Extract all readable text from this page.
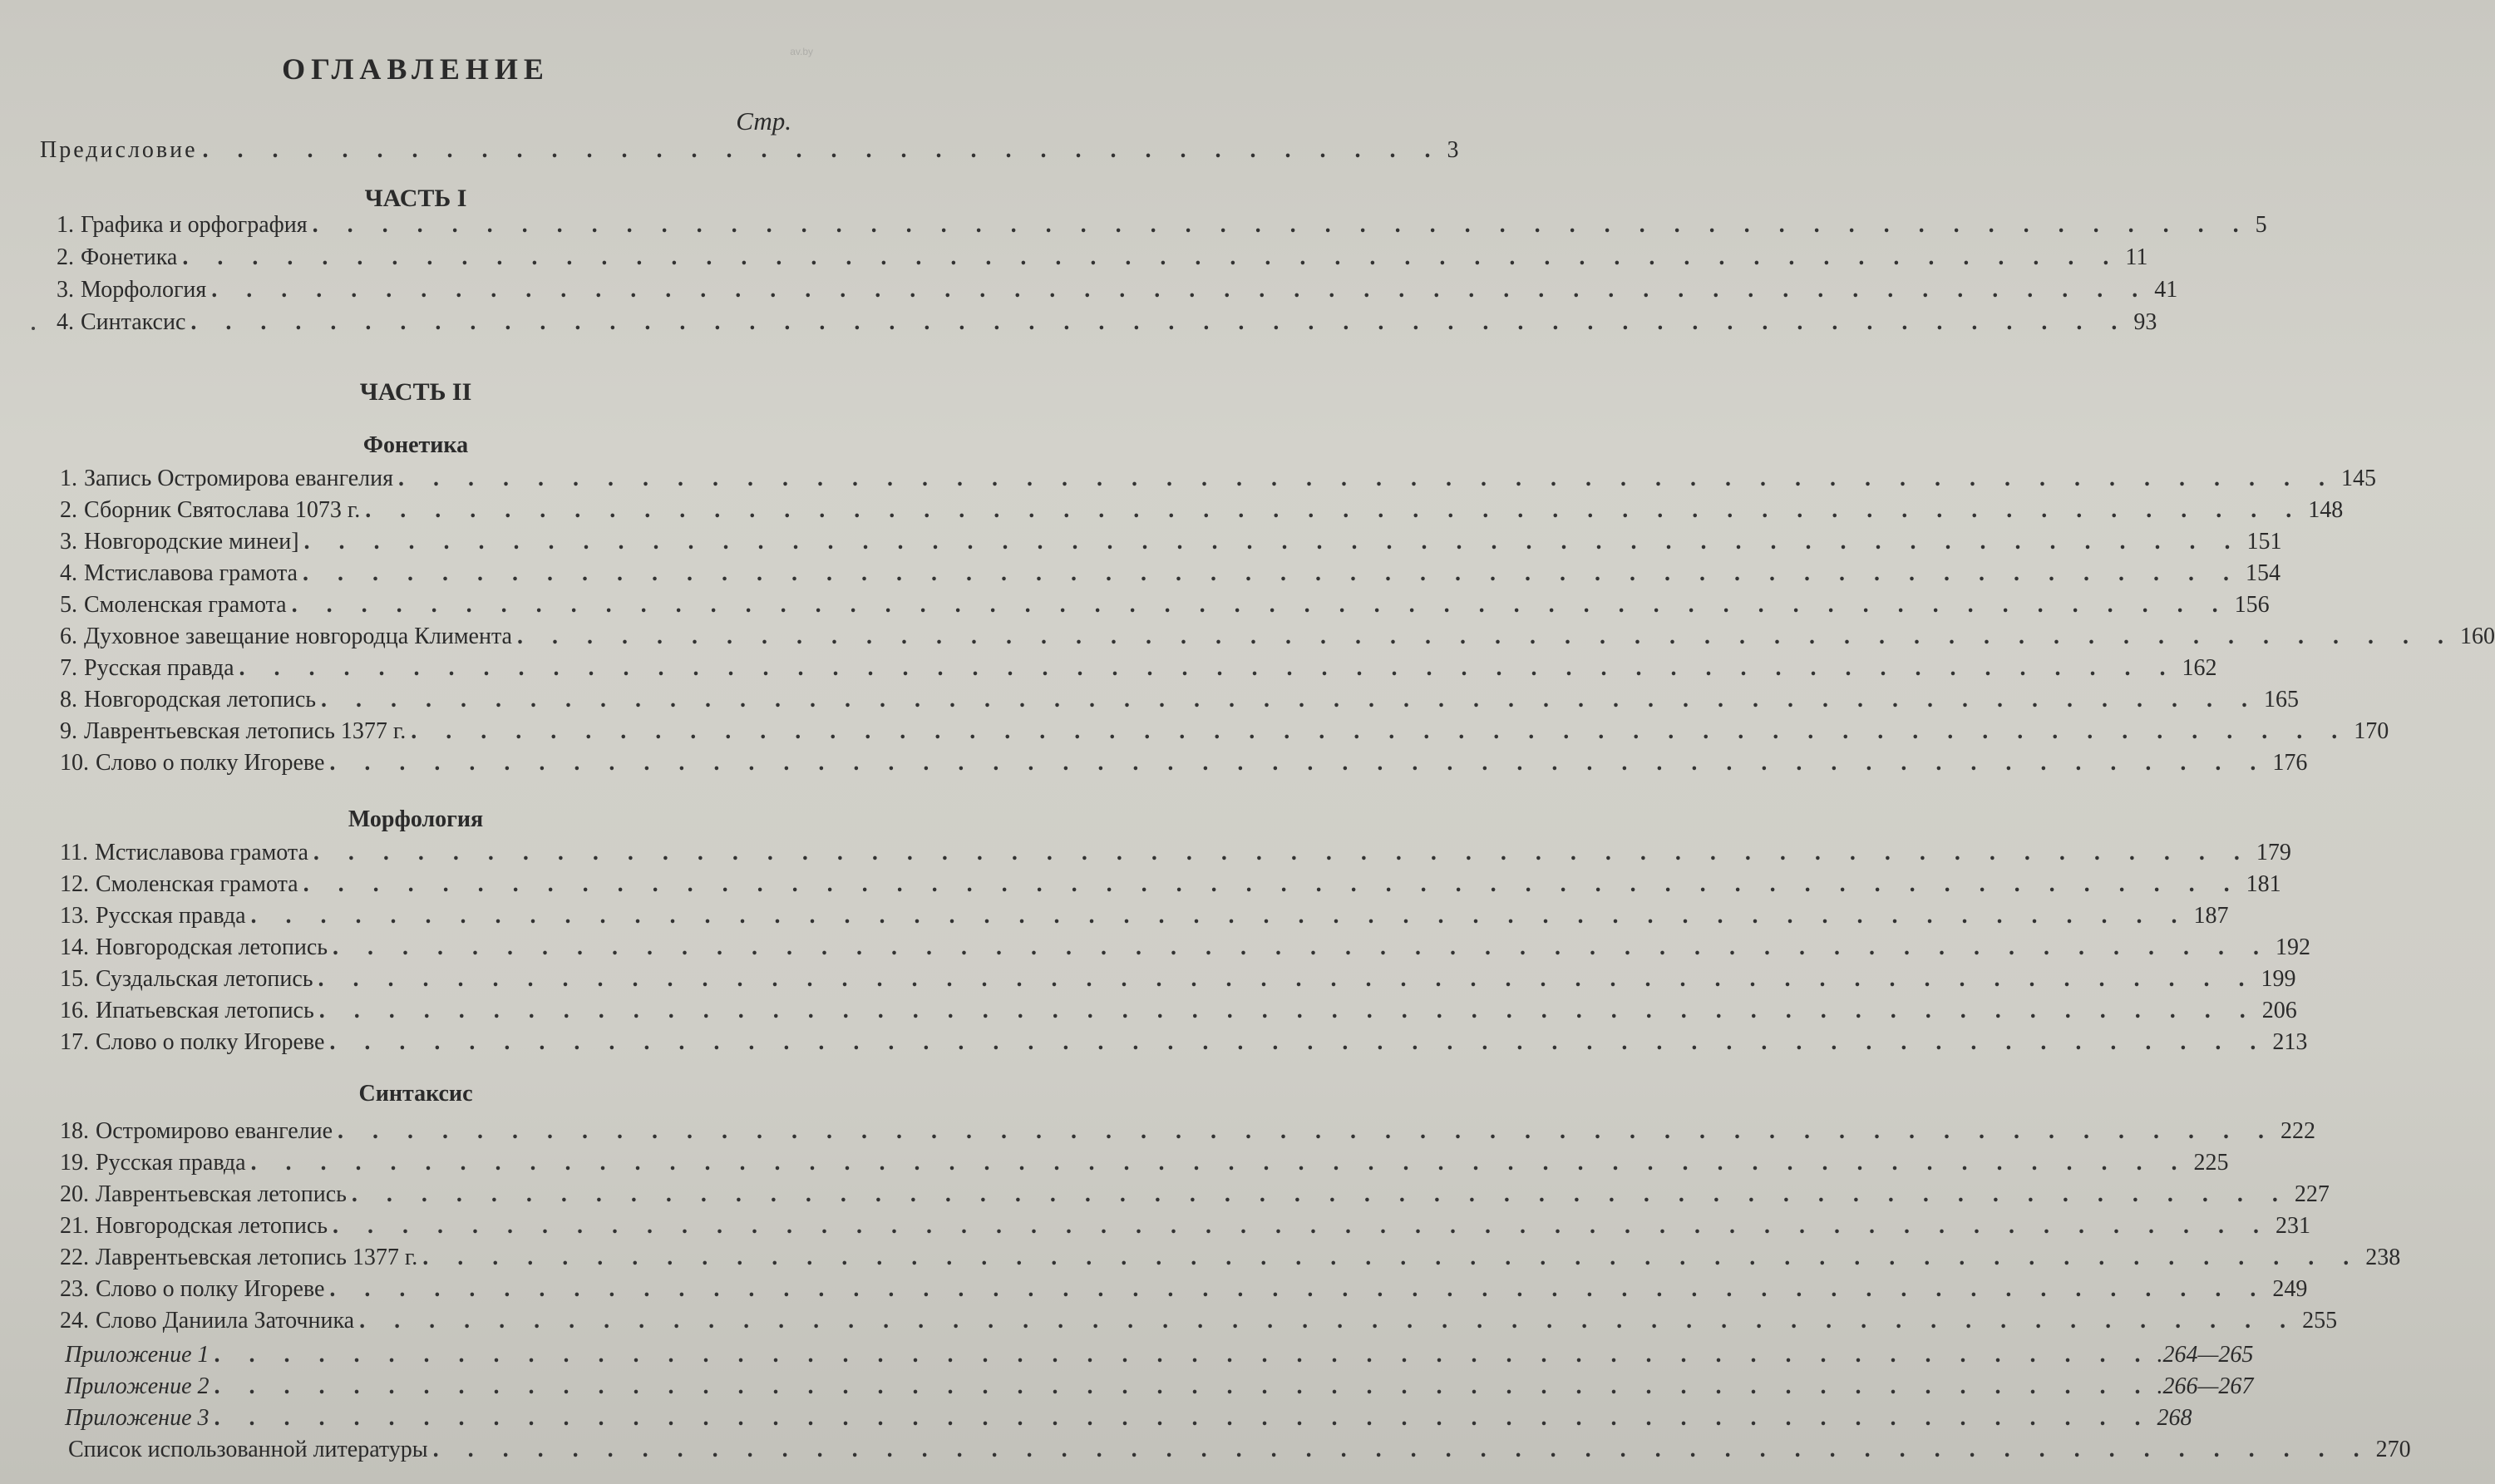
ОГЛАВЛЕНИЕ
Стр.
Предисловие . . . . . . . . . . . . . . . . . . . . . . . . . . . . . . . . . . . . 3
ЧАСТЬ I
1. Графика и орфография . . . . . . . . . . . . . . . . . . . . . . . . . . . . . . . . . . . . . . . . . . . . . . . . . . . . . . . . 5
2. Фонетика . . . . . . . . . . . . . . . . . . . . . . . . . . . . . . . . . . . . . . . . . . . . . . . . . . . . . . . . 11
3. Морфология . . . . . . . . . . . . . . . . . . . . . . . . . . . . . . . . . . . . . . . . . . . . . . . . . . . . . . . . 41
4. Синтаксис . . . . . . . . . . . . . . . . . . . . . . . . . . . . . . . . . . . . . . . . . . . . . . . . . . . . . . . . 93
ЧАСТЬ II
Фонетика
1. Запись Остромирова евангелия . . . . . . . . . . . . . . . . . . . . . . . . . . . . . . . . . . . . . . . . . . . . . . . . . . . . . . . . 145
2. Сборник Святослава 1073 г. . . . . . . . . . . . . . . . . . . . . . . . . . . . . . . . . . . . . . . . . . . . . . . . . . . . . . . . . 148
3. Новгородские минеи] . . . . . . . . . . . . . . . . . . . . . . . . . . . . . . . . . . . . . . . . . . . . . . . . . . . . . . . . 151
4. Мстиславова грамота . . . . . . . . . . . . . . . . . . . . . . . . . . . . . . . . . . . . . . . . . . . . . . . . . . . . . . . . 154
5. Смоленская грамота . . . . . . . . . . . . . . . . . . . . . . . . . . . . . . . . . . . . . . . . . . . . . . . . . . . . . . . . 156
6. Духовное завещание новгородца Климента . . . . . . . . . . . . . . . . . . . . . . . . . . . . . . . . . . . . . . . . . . . . . . . . . . . . . . . . 160
7. Русская правда . . . . . . . . . . . . . . . . . . . . . . . . . . . . . . . . . . . . . . . . . . . . . . . . . . . . . . . . 162
8. Новгородская летопись . . . . . . . . . . . . . . . . . . . . . . . . . . . . . . . . . . . . . . . . . . . . . . . . . . . . . . . . 165
9. Лаврентьевская летопись 1377 г. . . . . . . . . . . . . . . . . . . . . . . . . . . . . . . . . . . . . . . . . . . . . . . . . . . . . . . . . 170
10. Слово о полку Игореве . . . . . . . . . . . . . . . . . . . . . . . . . . . . . . . . . . . . . . . . . . . . . . . . . . . . . . . . 176
Морфология
11. Мстиславова грамота . . . . . . . . . . . . . . . . . . . . . . . . . . . . . . . . . . . . . . . . . . . . . . . . . . . . . . . . 179
12. Смоленская грамота . . . . . . . . . . . . . . . . . . . . . . . . . . . . . . . . . . . . . . . . . . . . . . . . . . . . . . . . 181
13. Русская правда . . . . . . . . . . . . . . . . . . . . . . . . . . . . . . . . . . . . . . . . . . . . . . . . . . . . . . . . 187
14. Новгородская летопись . . . . . . . . . . . . . . . . . . . . . . . . . . . . . . . . . . . . . . . . . . . . . . . . . . . . . . . . 192
15. Суздальская летопись . . . . . . . . . . . . . . . . . . . . . . . . . . . . . . . . . . . . . . . . . . . . . . . . . . . . . . . . 199
16. Ипатьевская летопись . . . . . . . . . . . . . . . . . . . . . . . . . . . . . . . . . . . . . . . . . . . . . . . . . . . . . . . . 206
17. Слово о полку Игореве . . . . . . . . . . . . . . . . . . . . . . . . . . . . . . . . . . . . . . . . . . . . . . . . . . . . . . . . 213
Синтаксис
18. Остромирово евангелие . . . . . . . . . . . . . . . . . . . . . . . . . . . . . . . . . . . . . . . . . . . . . . . . . . . . . . . . 222
19. Русская правда . . . . . . . . . . . . . . . . . . . . . . . . . . . . . . . . . . . . . . . . . . . . . . . . . . . . . . . . 225
20. Лаврентьевская летопись . . . . . . . . . . . . . . . . . . . . . . . . . . . . . . . . . . . . . . . . . . . . . . . . . . . . . . . . 227
21. Новгородская летопись . . . . . . . . . . . . . . . . . . . . . . . . . . . . . . . . . . . . . . . . . . . . . . . . . . . . . . . . 231
22. Лаврентьевская летопись 1377 г. . . . . . . . . . . . . . . . . . . . . . . . . . . . . . . . . . . . . . . . . . . . . . . . . . . . . . . . . 238
23. Слово о полку Игореве . . . . . . . . . . . . . . . . . . . . . . . . . . . . . . . . . . . . . . . . . . . . . . . . . . . . . . . . 249
24. Слово Даниила Заточника . . . . . . . . . . . . . . . . . . . . . . . . . . . . . . . . . . . . . . . . . . . . . . . . . . . . . . . . 255
Приложение 1 . . . . . . . . . . . . . . . . . . . . . . . . . . . . . . . . . . . . . . . . . . . . . . . . . . . . . . . . .264—265
Приложение 2 . . . . . . . . . . . . . . . . . . . . . . . . . . . . . . . . . . . . . . . . . . . . . . . . . . . . . . . . .266—267
Приложение 3 . . . . . . . . . . . . . . . . . . . . . . . . . . . . . . . . . . . . . . . . . . . . . . . . . . . . . . . . 268
Список использованной литературы . . . . . . . . . . . . . . . . . . . . . . . . . . . . . . . . . . . . . . . . . . . . . . . . . . . . . . . . 270
av.by
